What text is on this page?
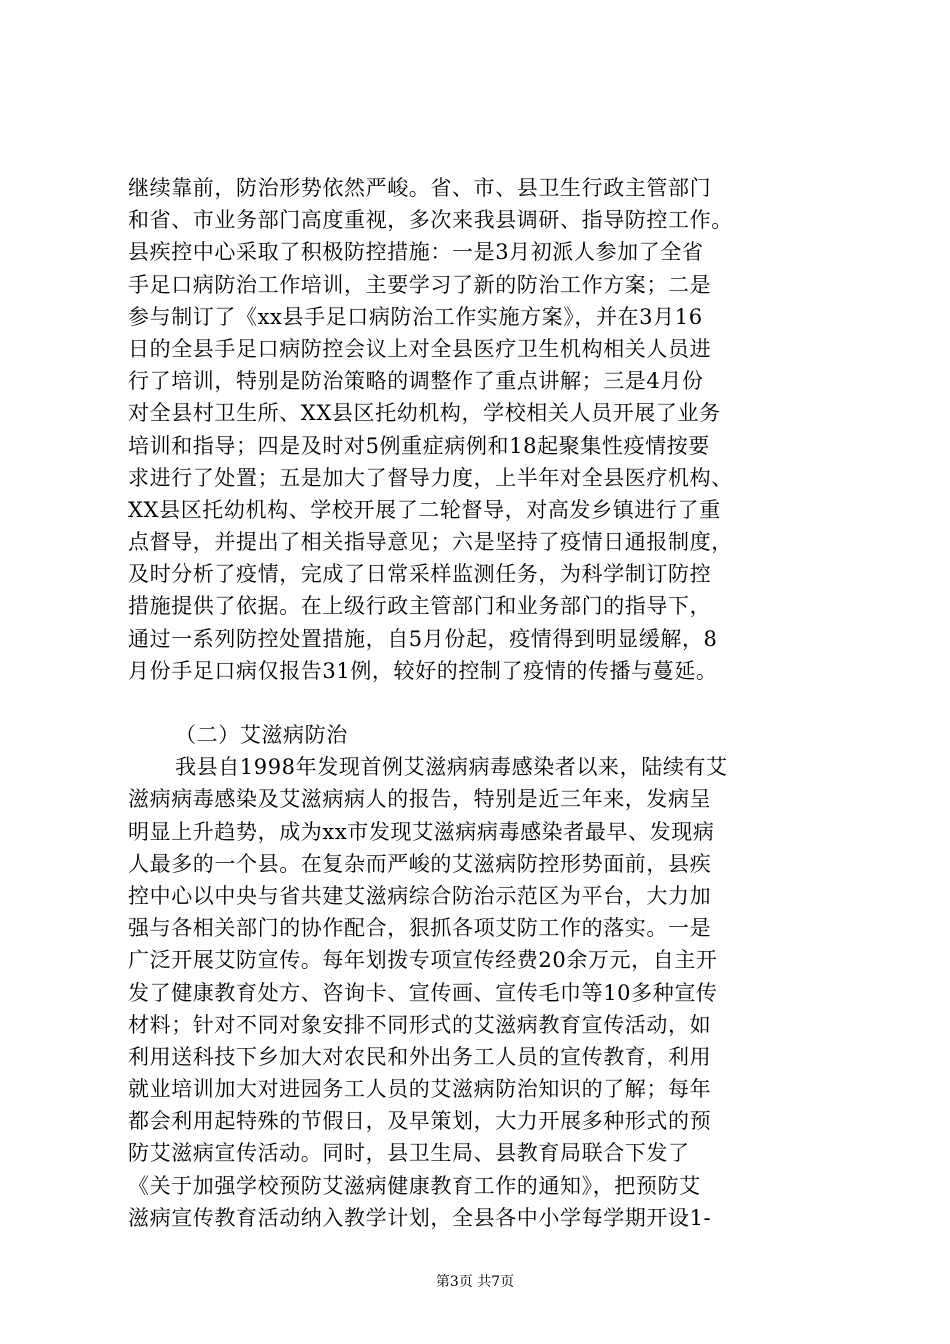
继续靠前，防治形势依然严峻。省、市、县卫生行政主管部门
和省、市业务部门高度重视，多次来我县调研、指导防控工作。
县疾控中心采取了积极防控措施：一是3月初派人参加了全省
手足口病防治工作培训，主要学习了新的防治工作方案；二是
参与制订了《xx县手足口病防治工作实施方案》，并在3月16
日的全县手足口病防控会议上对全县医疗卫生机构相关人员进
行了培训，特别是防治策略的调整作了重点讲解；三是4月份
对全县村卫生所、XX县区托幼机构，学校相关人员开展了业务
培训和指导；四是及时对5例重症病例和18起聚集性疫情按要
求进行了处置；五是加大了督导力度，上半年对全县医疗机构、
XX县区托幼机构、学校开展了二轮督导，对高发乡镇进行了重
点督导，并提出了相关指导意见；六是坚持了疫情日通报制度，
及时分析了疫情，完成了日常采样监测任务，为科学制订防控
措施提供了依据。在上级行政主管部门和业务部门的指导下，
通过一系列防控处置措施，自5月份起，疫情得到明显缓解，8
月份手足口病仅报告31例，较好的控制了疫情的传播与蔓延。
（二）艾滋病防治
我县自1998年发现首例艾滋病病毒感染者以来，陆续有艾
滋病病毒感染及艾滋病病人的报告，特别是近三年来，发病呈
明显上升趋势，成为xx市发现艾滋病病毒感染者最早、发现病
人最多的一个县。在复杂而严峻的艾滋病防控形势面前，县疾
控中心以中央与省共建艾滋病综合防治示范区为平台，大力加
强与各相关部门的协作配合，狠抓各项艾防工作的落实。一是
广泛开展艾防宣传。每年划拨专项宣传经费20余万元，自主开
发了健康教育处方、咨询卡、宣传画、宣传毛巾等10多种宣传
材料；针对不同对象安排不同形式的艾滋病教育宣传活动，如
利用送科技下乡加大对农民和外出务工人员的宣传教育，利用
就业培训加大对进园务工人员的艾滋病防治知识的了解；每年
都会利用起特殊的节假日，及早策划，大力开展多种形式的预
防艾滋病宣传活动。同时，县卫生局、县教育局联合下发了
《关于加强学校预防艾滋病健康教育工作的通知》，把预防艾
滋病宣传教育活动纳入教学计划，全县各中小学每学期开设1-
第3页 共7页
